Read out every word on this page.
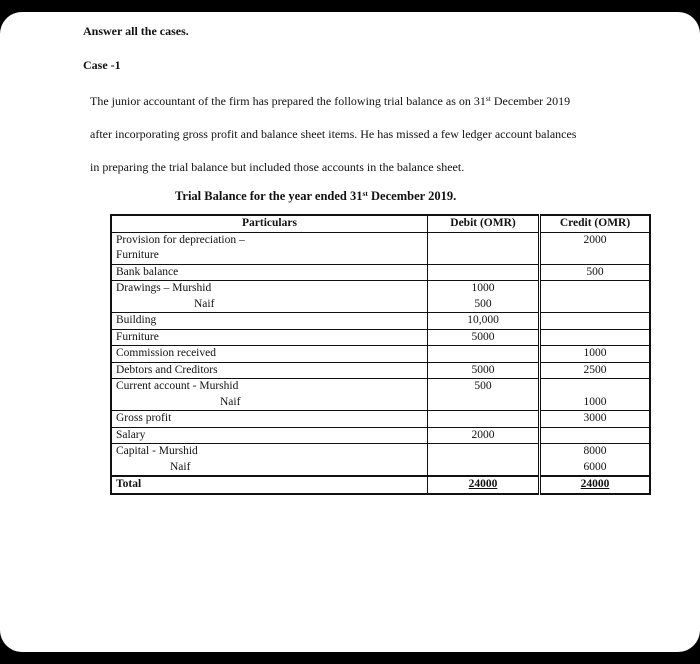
Answer all the cases.
Case -1
The junior accountant of the firm has prepared the following trial balance as on 31st December 2019
after incorporating gross profit and balance sheet items. He has missed a few ledger account balances
in preparing the trial balance but included those accounts in the balance sheet.
Trial Balance for the year ended 31st December 2019.
Particulars	Debit (OMR)	Credit (OMR)
Provision for depreciation –		2000
Furniture		
Bank balance		500
Drawings – Murshid	1000	
Naif	500	
Building	10,000	
Furniture	5000	
Commission received		1000
Debtors and Creditors	5000	2500
Current account - Murshid	500	
Naif		1000
Gross profit		3000
Salary	2000	
Capital - Murshid		8000
Naif		6000
Total	24000	24000
